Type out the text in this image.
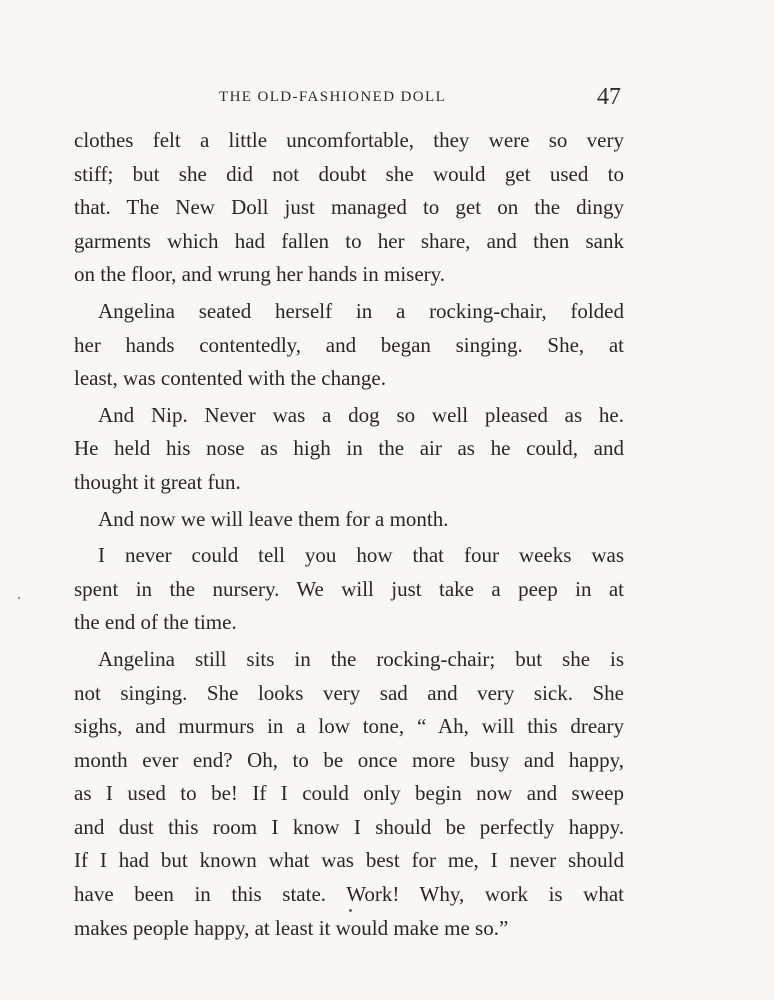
THE OLD-FASHIONED DOLL	47
clothes felt a little uncomfortable, they were so very
stiff; but she did not doubt she would get used to
that. The New Doll just managed to get on the dingy
garments which had fallen to her share, and then sank
on the floor, and wrung her hands in misery.
Angelina seated herself in a rocking-chair, folded
her hands contentedly, and began singing. She, at
least, was contented with the change.
And Nip. Never was a dog so well pleased as he.
He held his nose as high in the air as he could, and
thought it great fun.
And now we will leave them for a month.
I never could tell you how that four weeks was
spent in the nursery. We will just take a peep in at
the end of the time.
Angelina still sits in the rocking-chair; but she is
not singing. She looks very sad and very sick. She
sighs, and murmurs in a low tone, “ Ah, will this dreary
month ever end? Oh, to be once more busy and happy,
as I used to be! If I could only begin now and sweep
and dust this room I know I should be perfectly happy.
If I had but known what was best for me, I never should
have been in this state. Work! Why, work is what
makes people happy, at least it would make me so.”
